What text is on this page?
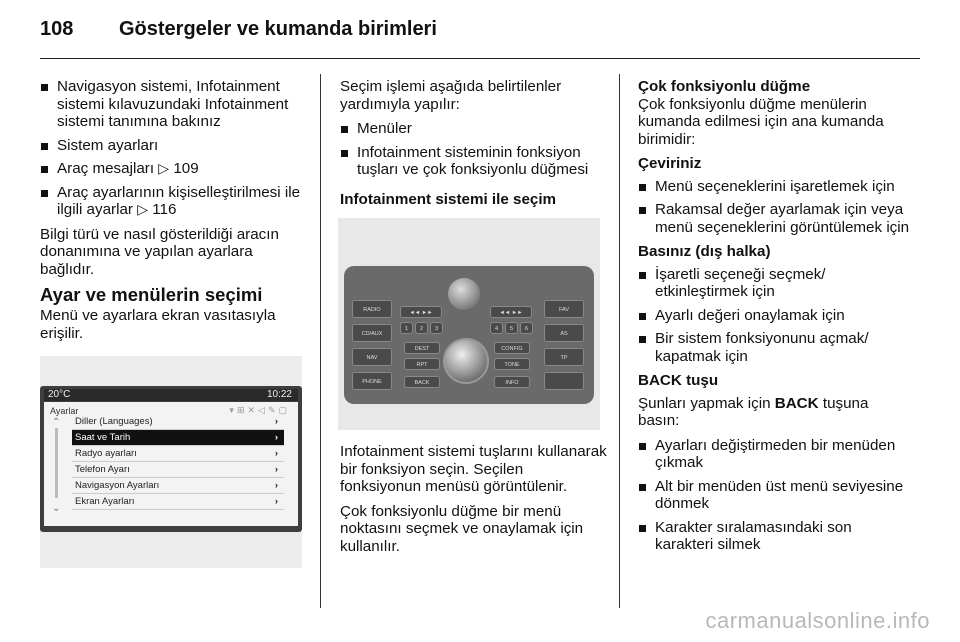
108 Göstergeler ve kumanda birimleri
Navigasyon sistemi, Infotainment sistemi kılavuzundaki Infotainment sistemi tanımına bakınız
Sistem ayarları
Araç mesajları ▷ 109
Araç ayarlarının kişiselleştirilmesi ile ilgili ayarlar ▷ 116

Bilgi türü ve nasıl gösterildiği aracın donanımına ve yapılan ayarlara bağlıdır.

Ayar ve menülerin seçimi

Menü ve ayarlara ekran vasıtasıyla erişilir.

20°C	10:22
Ayarlar	▾⊞✕◁✎▢
⌃
⌄
Diller (Languages)	›
Saat ve Tarih	›
Radyo ayarları	›
Telefon Ayarı	›
Navigasyon Ayarları	›
Ekran Ayarları	›

Seçim işlemi aşağıda belirtilenler yardımıyla yapılır:

Menüler
Infotainment sisteminin fonksiyon tuşları ve çok fonksiyonlu düğmesi
Infotainment sistemi ile seçim
RADIO
CD/AUX
NAV
PHONE
FAV
AS
TP
◄◄ ►►	◄◄ ►►
1	2	3	4	5	6
DEST
RPT
CONFIG
TONE
BACK	INFO

Infotainment sistemi tuşlarını kullanarak bir fonksiyon seçin. Seçilen fonksiyonun menüsü görüntülenir.

Çok fonksiyonlu düğme bir menü noktasını seçmek ve onaylamak için kullanılır.

Çok fonksiyonlu düğme

Çok fonksiyonlu düğme menülerin kumanda edilmesi için ana kumanda birimidir:

Çeviriniz
Menü seçeneklerini işaretlemek için
Rakamsal değer ayarlamak için veya menü seçeneklerini görüntülemek için
Basınız (dış halka)
İşaretli seçeneği seçmek/ etkinleştirmek için
Ayarlı değeri onaylamak için
Bir sistem fonksiyonunu açmak/ kapatmak için
BACK tuşu

Şunları yapmak için BACK tuşuna basın:

Ayarları değiştirmeden bir menüden çıkmak
Alt bir menüden üst menü seviyesine dönmek
Karakter sıralamasındaki son karakteri silmek
carmanualsonline.info
